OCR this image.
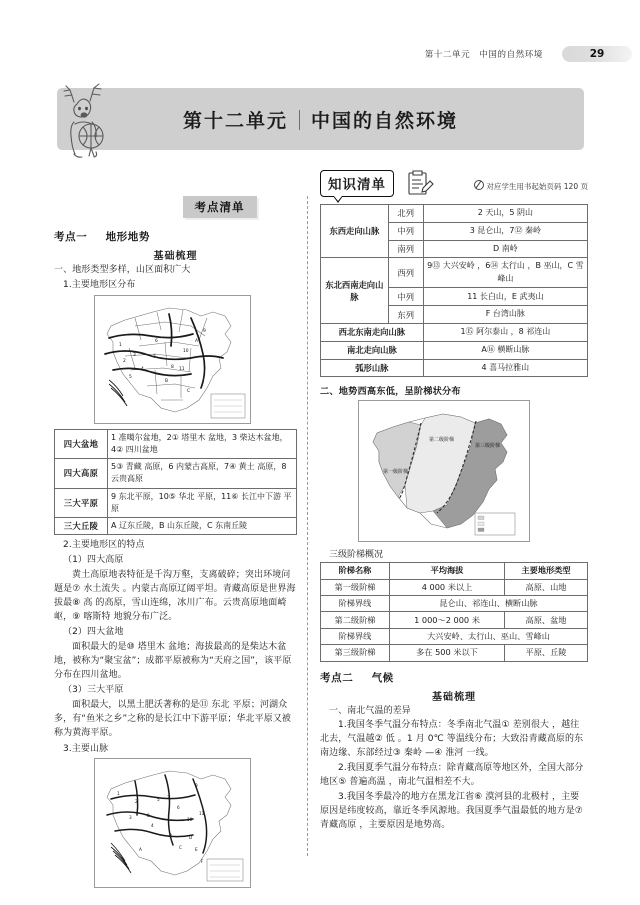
第十二单元　中国的自然环境	29
第十二单元 中国的自然环境
考点清单
考点一 地形地势
基础梳理
一、地形类型多样，山区面积广大
1.主要地形区分布
1
2
3
4
5
6
7
8
9
10
11
A
B
C
四大盆地	1 准噶尔盆地，2① 塔里木 盆地，3 柴达木盆地，4② 四川盆地
四大高原	5③ 青藏 高原，6 内蒙古高原，7④ 黄土 高原，8 云贵高原
三大平原	9 东北平原，10⑤ 华北 平原，11⑥ 长江中下游 平原
三大丘陵	A 辽东丘陵，B 山东丘陵，C 东南丘陵
2.主要地形区的特点
（1）四大高原
黄土高原地表特征是千沟万壑，支离破碎；突出环境问题是⑦ 水土流失 。内蒙古高原辽阔平坦。青藏高原是世界海拔最⑧ 高 的高原，雪山连绵，冰川广布。云贵高原地面崎岖，⑨ 喀斯特 地貌分布广泛。
（2）四大盆地
面积最大的是⑩ 塔里木 盆地；海拔最高的是柴达木盆地，被称为“聚宝盆”；成都平原被称为“天府之国”，该平原分布在四川盆地。
（3）三大平原
面积最大，以黑土肥沃著称的是⑪ 东北 平原；河湖众多，有“鱼米之乡”之称的是长江中下游平原；华北平原又被称为黄海平原。
3.主要山脉
1
2
3
4
5
6
7
8
9
10
11
A
B
C
D
E
F
知识清单	对应学生用书起始页码 120 页
东西走向山脉	北列	2 天山，5 阴山
	中列	3 昆仑山，7⑫ 秦岭
	南列	D 南岭
东北西南走向山脉	西列	9⑬ 大兴安岭 ，6⑭ 太行山 ，B 巫山，C 雪峰山
	中列	11 长白山，E 武夷山
	东列	F 台湾山脉
西北东南走向山脉		1⑮ 阿尔泰山 ，8 祁连山
南北走向山脉		A⑯ 横断山脉
弧形山脉		4 喜马拉雅山
二、地势西高东低，呈阶梯状分布
第三级阶梯
第二级阶梯
第一级阶梯
三级阶梯概况
阶梯名称	平均海拔	主要地形类型
第一级阶梯	4 000 米以上	高原、山地
阶梯界线	昆仑山、祁连山、横断山脉	
第二级阶梯	1 000～2 000 米	高原、盆地
阶梯界线	大兴安岭、太行山、巫山、雪峰山	
第三级阶梯	多在 500 米以下	平原、丘陵
考点二 气候
基础梳理
一、南北气温的差异
1.我国冬季气温分布特点：冬季南北气温① 差别很大 ，越往北去，气温越② 低 。1 月 0℃ 等温线分布；大致沿青藏高原的东南边缘、东部经过③ 秦岭 —④ 淮河 一线。
2.我国夏季气温分布特点：除青藏高原等地区外，全国大部分地区⑤ 普遍高温 ，南北气温相差不大。
3.我国冬季最冷的地方在黑龙江省⑥ 漠河县的北极村 ，主要原因是纬度较高，靠近冬季风源地。我国夏季气温最低的地方是⑦ 青藏高原 ，主要原因是地势高。
